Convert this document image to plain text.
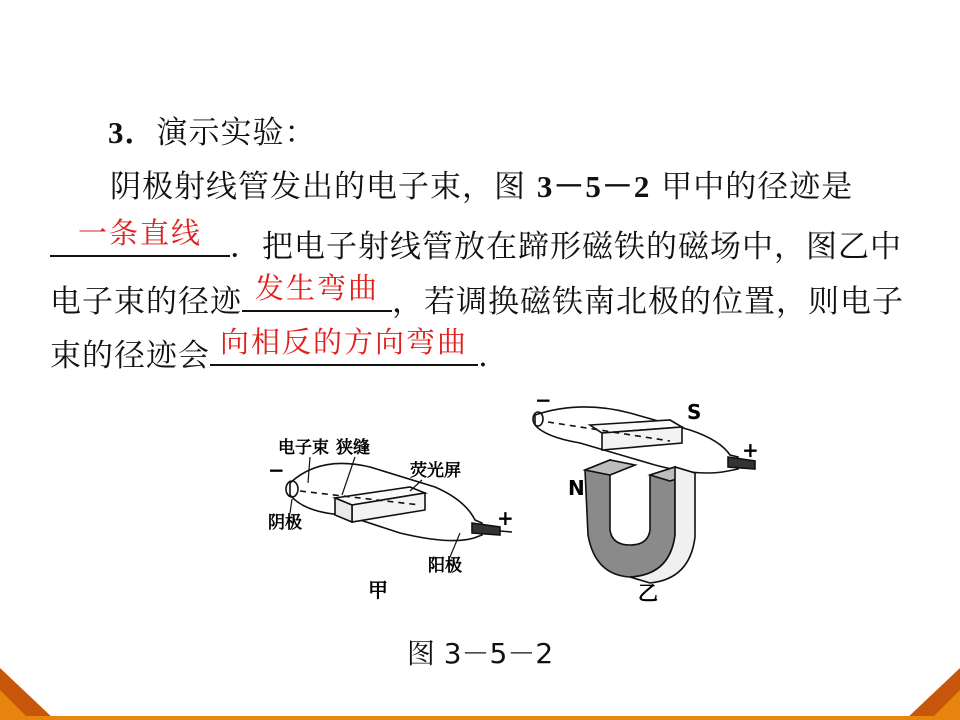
3．演示实验：
阴极射线管发出的电子束，图 3－5－2 甲中的径迹是
一条直线 ．把电子射线管放在蹄形磁铁的磁场中，图乙中
电子束的径迹 发生弯曲 ，若调换磁铁南北极的位置，则电子
束的径迹会 向相反的方向弯曲 .
电子束 狭缝
荧光屏
阴极
阳极
−
+
甲
−
+
S
N
乙
图 3－5－2
